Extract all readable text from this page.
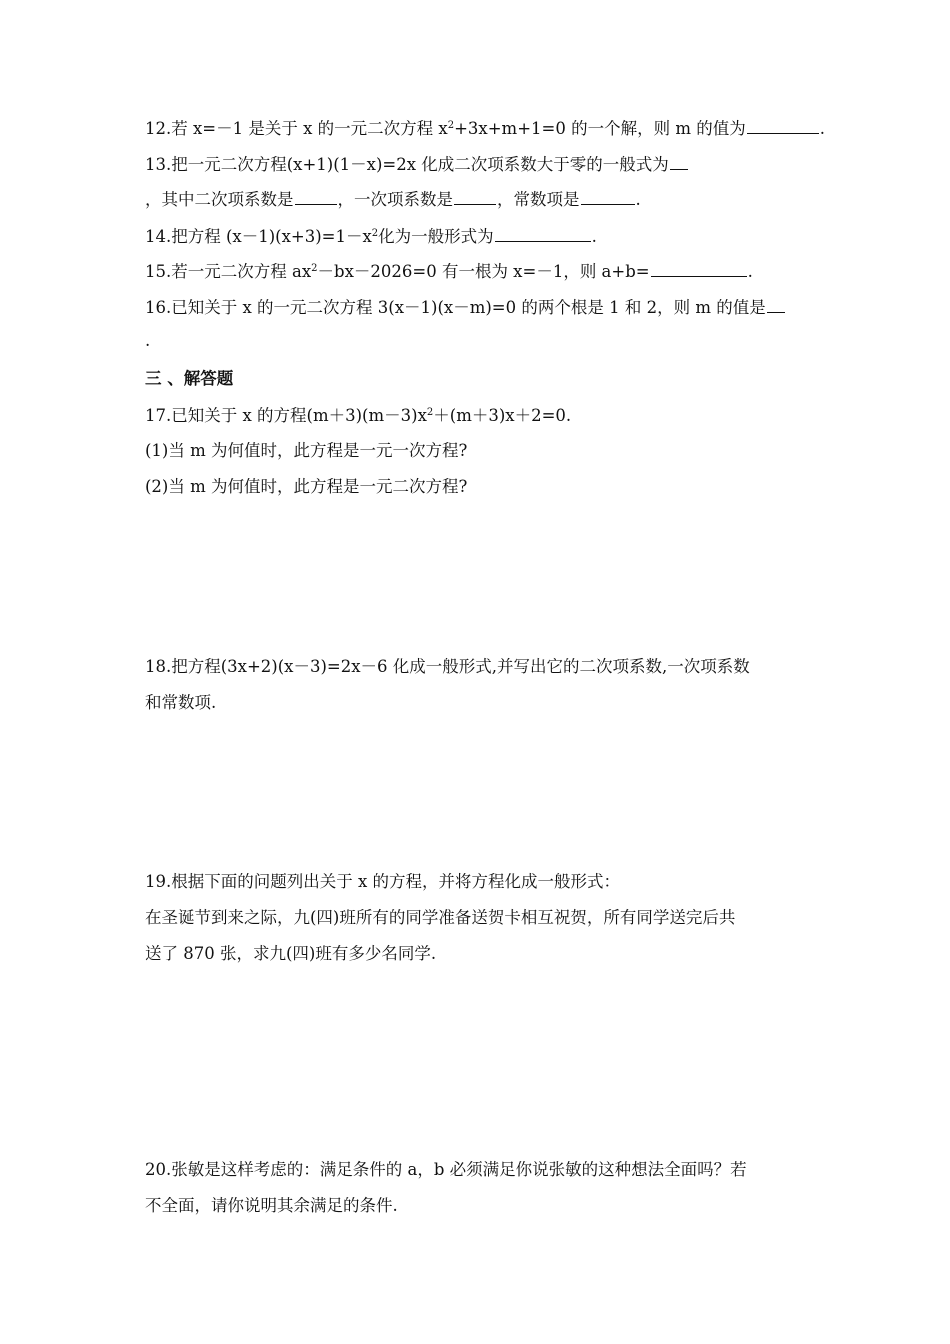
12.若 x=－1 是关于 x 的一元二次方程 $x^2+3x+m+1=0$ 的一个解，则 m 的值为	.
13.把一元二次方程(x+1)(1－x)=2x 化成二次项系数大于零的一般式为
，其中二次项系数是	，一次项系数是	，常数项是	.
14.把方程 $(x-1)(x+3)=1-x^2$化为一般形式为	.
15.若一元二次方程 $ax^2-bx-2026=0$ 有一根为 x=－1，则 a+b=	.
16.已知关于 x 的一元二次方程 3(x－1)(x－m)=0 的两个根是 1 和 2，则 m 的值是
.
三 、解答题
17.已知关于 x 的方程$(m+3)(m-3)x^2+(m+3)x+2=0$.
(1)当 m 为何值时，此方程是一元一次方程?
(2)当 m 为何值时，此方程是一元二次方程?
18.把方程(3x+2)(x－3)=2x－6 化成一般形式,并写出它的二次项系数,一次项系数
和常数项.
19.根据下面的问题列出关于 x 的方程，并将方程化成一般形式：
在圣诞节到来之际，九(四)班所有的同学准备送贺卡相互祝贺，所有同学送完后共
送了 870 张，求九(四)班有多少名同学.
20.张敏是这样考虑的：满足条件的 a，b 必须满足你说张敏的这种想法全面吗？若
不全面，请你说明其余满足的条件.
